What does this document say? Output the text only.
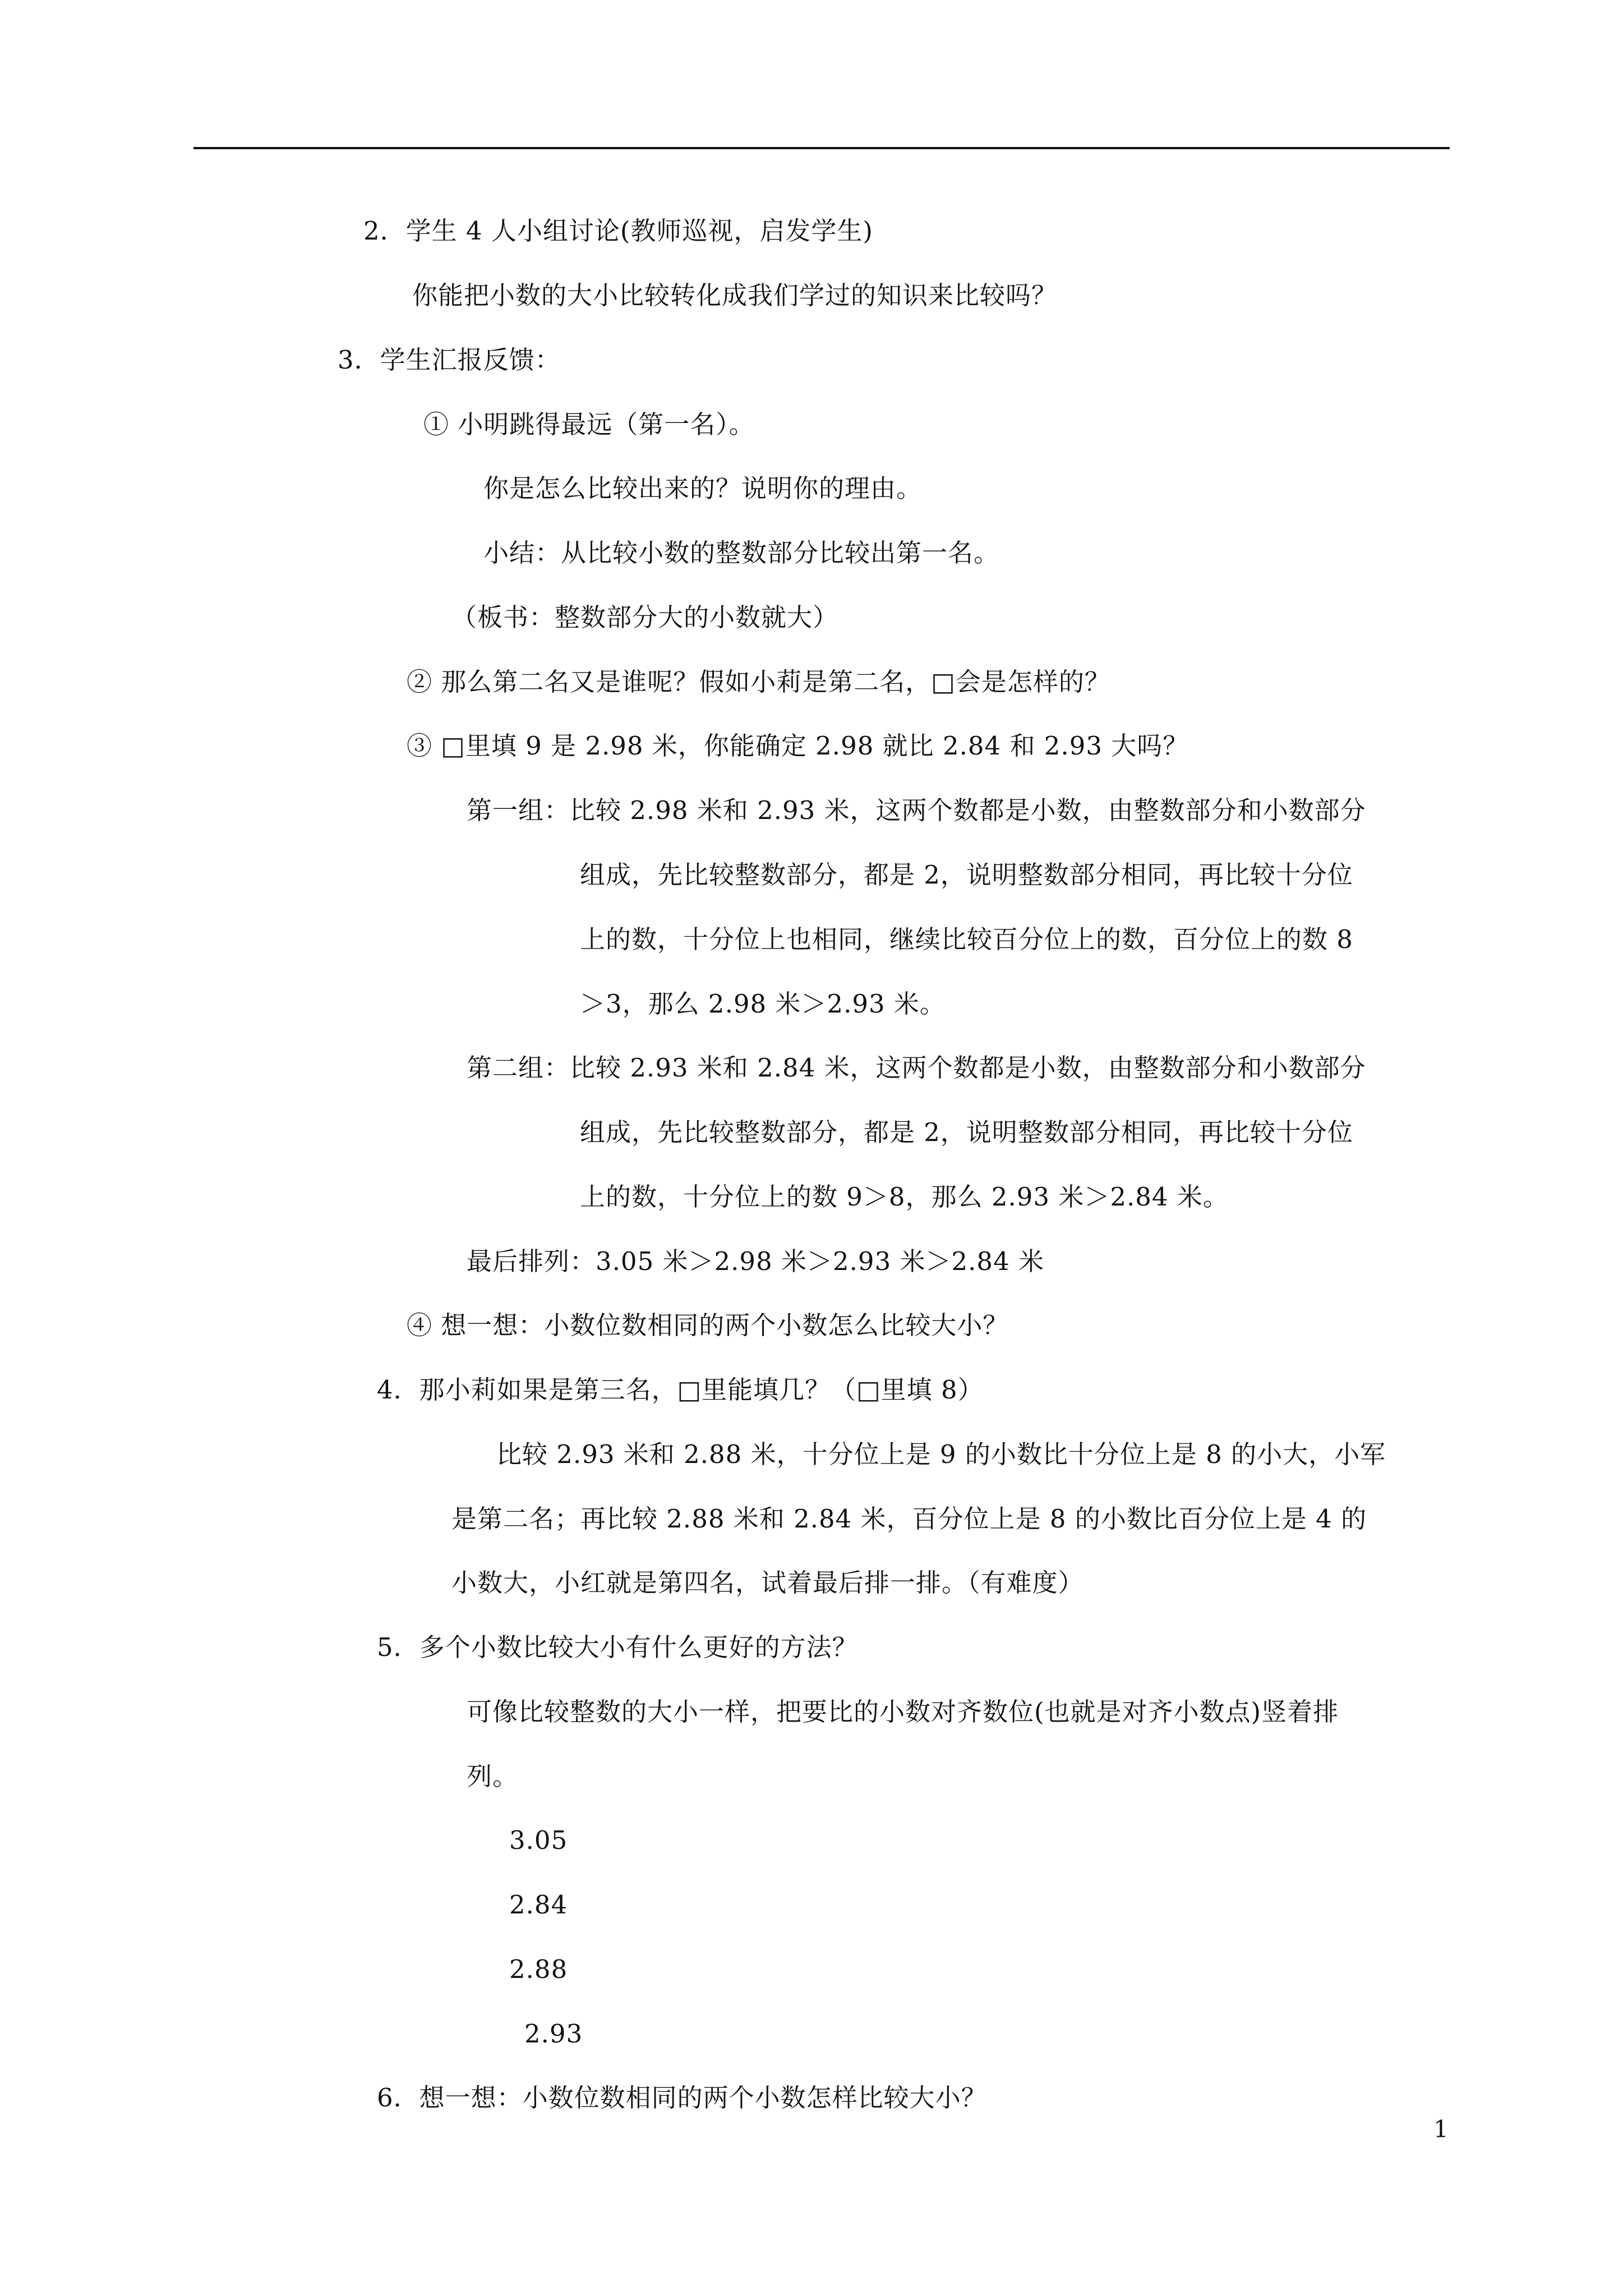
2．学生 4 人小组讨论(教师巡视，启发学生)
你能把小数的大小比较转化成我们学过的知识来比较吗？
3．学生汇报反馈：
① 小明跳得最远（第一名）。
你是怎么比较出来的？说明你的理由。
小结：从比较小数的整数部分比较出第一名。
（板书：整数部分大的小数就大）
② 那么第二名又是谁呢？假如小莉是第二名，□会是怎样的？
③ □里填 9 是 2.98 米，你能确定 2.98 就比 2.84 和 2.93 大吗？
第一组：比较 2.98 米和 2.93 米，这两个数都是小数，由整数部分和小数部分
组成，先比较整数部分，都是 2，说明整数部分相同，再比较十分位
上的数，十分位上也相同，继续比较百分位上的数，百分位上的数 8
＞3，那么 2.98 米＞2.93 米。
第二组：比较 2.93 米和 2.84 米，这两个数都是小数，由整数部分和小数部分
组成，先比较整数部分，都是 2，说明整数部分相同，再比较十分位
上的数，十分位上的数 9＞8，那么 2.93 米＞2.84 米。
最后排列：3.05 米＞2.98 米＞2.93 米＞2.84 米
④ 想一想：小数位数相同的两个小数怎么比较大小？
4．那小莉如果是第三名，□里能填几？（□里填 8）
比较 2.93 米和 2.88 米，十分位上是 9 的小数比十分位上是 8 的小大，小军
是第二名；再比较 2.88 米和 2.84 米，百分位上是 8 的小数比百分位上是 4 的
小数大，小红就是第四名，试着最后排一排。（有难度）
5．多个小数比较大小有什么更好的方法？
可像比较整数的大小一样，把要比的小数对齐数位(也就是对齐小数点)竖着排
列。
3.05
2.84
2.88
2.93
6．想一想：小数位数相同的两个小数怎样比较大小？
1
